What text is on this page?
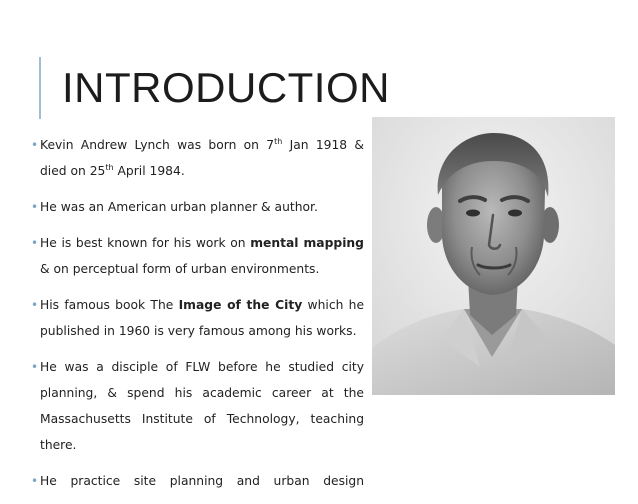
INTRODUCTION
• Kevin Andrew Lynch was born on 7th Jan 1918 & died on 25th April 1984.
• He was an American urban planner & author.
• He is best known for his work on mental mapping & on perceptual form of urban environments.
• His famous book The Image of the City which he published in 1960 is very famous among his works.
• He was a disciple of FLW before he studied city planning, & spend his academic career at the Massachusetts Institute of Technology, teaching there.
• He practice site planning and urban design
